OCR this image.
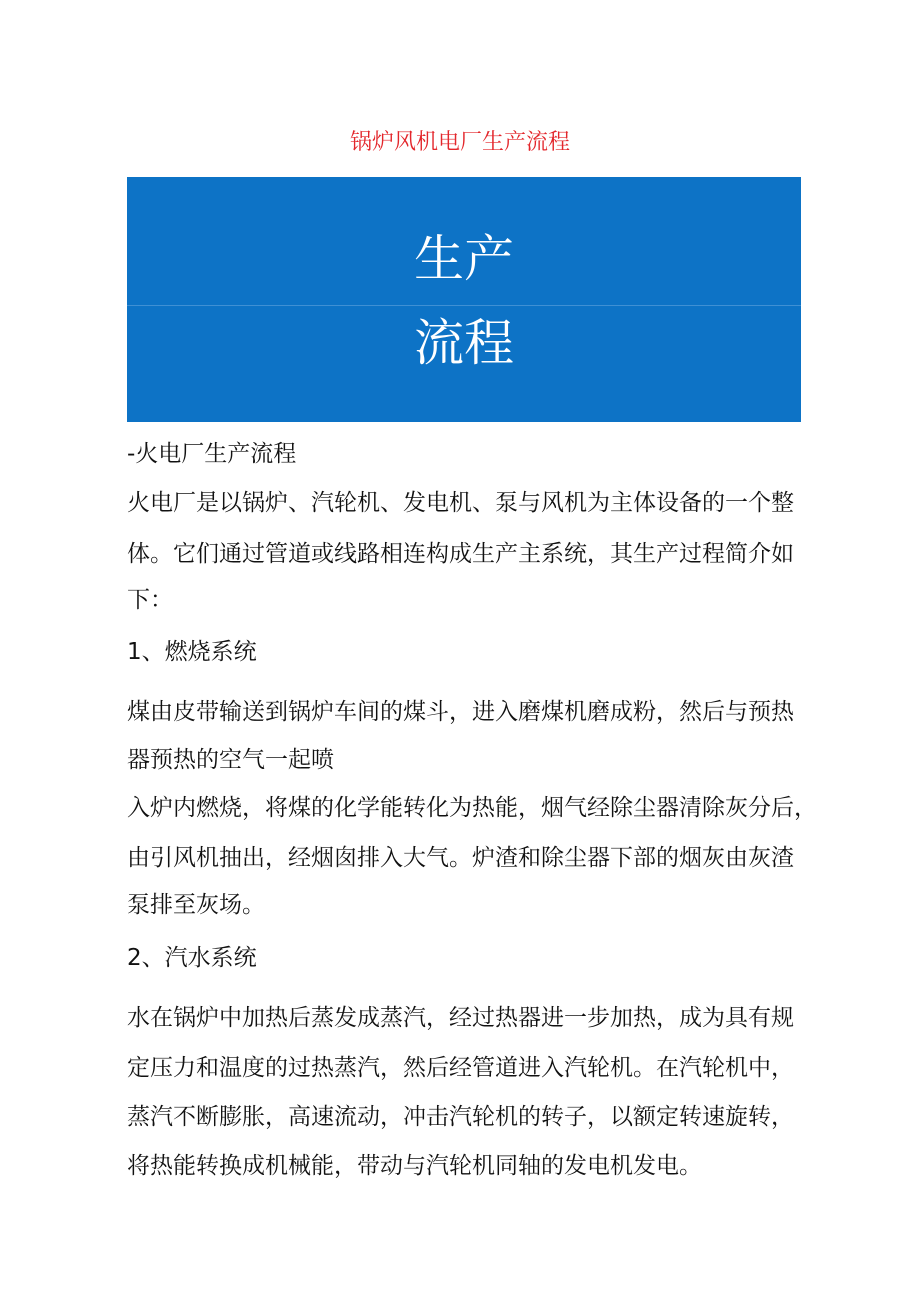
锅炉风机电厂生产流程
生产
流程
-火电厂生产流程
火电厂是以锅炉、汽轮机、发电机、泵与风机为主体设备的一个整
体。它们通过管道或线路相连构成生产主系统，其生产过程简介如
下：
1、燃烧系统
煤由皮带输送到锅炉车间的煤斗，进入磨煤机磨成粉，然后与预热
器预热的空气一起喷
入炉内燃烧，将煤的化学能转化为热能，烟气经除尘器清除灰分后，
由引风机抽出，经烟囱排入大气。炉渣和除尘器下部的烟灰由灰渣
泵排至灰场。
2、汽水系统
水在锅炉中加热后蒸发成蒸汽，经过热器进一步加热，成为具有规
定压力和温度的过热蒸汽，然后经管道进入汽轮机。在汽轮机中，
蒸汽不断膨胀，高速流动，冲击汽轮机的转子，以额定转速旋转，
将热能转换成机械能，带动与汽轮机同轴的发电机发电。
